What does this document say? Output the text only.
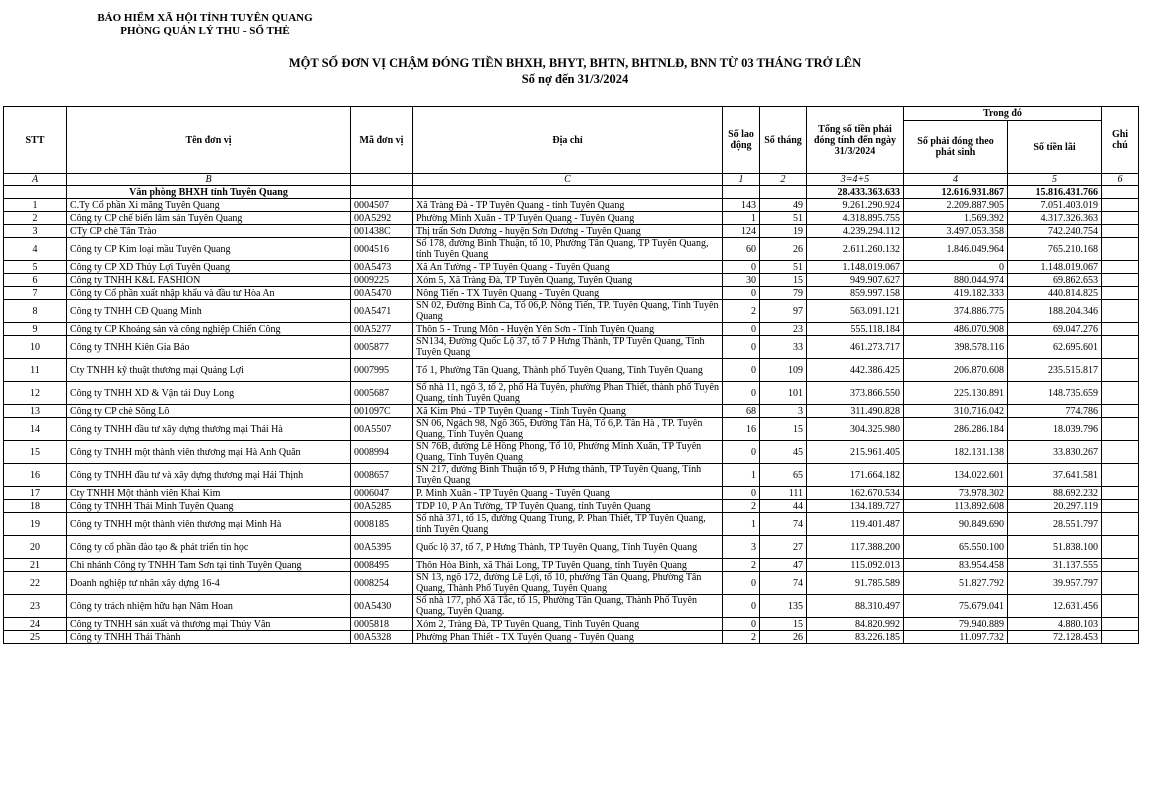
BẢO HIỂM XÃ HỘI TỈNH TUYÊN QUANG
PHÒNG QUẢN LÝ THU - SỔ THẺ
MỘT SỐ ĐƠN VỊ CHẬM ĐÓNG TIỀN BHXH, BHYT, BHTN, BHTNLĐ, BNN TỪ 03 THÁNG TRỞ LÊN
Số nợ đến 31/3/2024
STT	Tên đơn vị	Mã đơn vị	Địa chỉ	Số lao động	Số tháng	Tổng số tiền phải đóng tính đến ngày 31/3/2024	Trong đó		Ghi chú
							Số phải đóng theo phát sinh	Số tiền lãi	
A	B		C	1	2	3=4+5	4	5	6
	Văn phòng BHXH tỉnh Tuyên Quang					28.433.363.633	12.616.931.867	15.816.431.766	
1	C.Ty Cổ phần Xi măng Tuyên Quang	0004507	Xã Tràng Đà - TP Tuyên Quang - tỉnh Tuyên Quang	143	49	9.261.290.924	2.209.887.905	7.051.403.019	
2	Công ty CP chế biến lâm sản Tuyên Quang	00A5292	Phường Minh Xuân - TP Tuyên Quang - Tuyên Quang	1	51	4.318.895.755	1.569.392	4.317.326.363	
3	CTy CP chè Tân Trào	001438C	Thị trấn Sơn Dương - huyện Sơn Dương - Tuyên Quang	124	19	4.239.294.112	3.497.053.358	742.240.754	
4	Công ty CP Kim loại mầu Tuyên Quang	0004516	Số 178, đường Bình Thuận, tổ 10, Phường Tân Quang, TP Tuyên Quang, tỉnh Tuyên Quang	60	26	2.611.260.132	1.846.049.964	765.210.168	
5	Công ty CP XD Thủy Lợi Tuyên Quang	00A5473	Xã An Tường - TP Tuyên Quang - Tuyên Quang	0	51	1.148.019.067	0	1.148.019.067	
6	Công ty TNHH K&L FASHION	0009225	Xóm 5, Xã Tràng Đà, TP Tuyên Quang, Tuyên Quang	30	15	949.907.627	880.044.974	69.862.653	
7	Công ty Cổ phần xuất nhập khẩu và đầu tư Hòa An	00A5470	Nông Tiến - TX Tuyên Quang - Tuyên Quang	0	79	859.997.158	419.182.333	440.814.825	
8	Công ty TNHH CĐ Quang Minh	00A5471	SN 02, Đường Bình Ca, Tổ 06,P. Nông Tiến, TP. Tuyên Quang, Tỉnh Tuyên Quang	2	97	563.091.121	374.886.775	188.204.346	
9	Công ty CP Khoáng sản và công nghiệp Chiến Công	00A5277	Thôn 5 - Trung Môn - Huyện Yên Sơn - Tỉnh Tuyên Quang	0	23	555.118.184	486.070.908	69.047.276	
10	Công ty TNHH Kiên Gia Bảo	0005877	SN134, Đường Quốc Lộ 37, tổ 7 P Hưng Thành, TP Tuyên Quang, Tỉnh Tuyên Quang	0	33	461.273.717	398.578.116	62.695.601	
11	Cty TNHH kỹ thuật thương mại Quảng Lợi	0007995	Tổ 1, Phường Tân Quang, Thành phố Tuyên Quang, Tỉnh Tuyên Quang	0	109	442.386.425	206.870.608	235.515.817	
12	Công ty TNHH XD & Vận tải Duy Long	0005687	Số nhà 11, ngõ 3, tổ 2, phố Hà Tuyên, phường Phan Thiết, thành phố Tuyên Quang, tỉnh Tuyên Quang	0	101	373.866.550	225.130.891	148.735.659	
13	Công ty CP chè Sông Lô	001097C	Xã Kim Phú - TP Tuyên Quang - Tỉnh Tuyên Quang	68	3	311.490.828	310.716.042	774.786	
14	Công ty TNHH đầu tư xây dựng thương mại Thái Hà	00A5507	SN 06, Ngách 98, Ngõ 365, Đường Tân Hà, Tổ 6,P. Tân Hà , TP. Tuyên Quang, Tỉnh Tuyên Quang	16	15	304.325.980	286.286.184	18.039.796	
15	Công ty TNHH một thành viên thương mại Hà Anh Quân	0008994	SN 76B, đường Lê Hồng Phong, Tổ 10, Phường Minh Xuân, TP Tuyên Quang, Tỉnh Tuyên Quang	0	45	215.961.405	182.131.138	33.830.267	
16	Công ty TNHH đầu tư và xây dựng thương mại Hải Thịnh	0008657	SN 217, đường Bình Thuận tổ 9, P Hưng thành, TP Tuyên Quang, Tỉnh Tuyên Quang	1	65	171.664.182	134.022.601	37.641.581	
17	Cty TNHH Một thành viên Khai Kim	0006047	P. Minh Xuân - TP Tuyên Quang - Tuyên Quang	0	111	162.670.534	73.978.302	88.692.232	
18	Công ty TNHH Thái Minh Tuyên Quang	00A5285	TDP 10, P An Tường, TP Tuyên Quang, tỉnh Tuyên Quang	2	44	134.189.727	113.892.608	20.297.119	
19	Công ty TNHH một thành viên thương mại Minh Hà	0008185	Số nhà 371, tổ 15, đường Quang Trung, P. Phan Thiết, TP Tuyên Quang, tỉnh Tuyên Quang	1	74	119.401.487	90.849.690	28.551.797	
20	Công ty cổ phần đào tạo & phát triển tin học	00A5395	Quốc lộ 37, tổ 7, P Hưng Thành, TP Tuyên Quang, Tỉnh Tuyên Quang	3	27	117.388.200	65.550.100	51.838.100	
21	Chi nhánh Công ty TNHH Tam Sơn tại tỉnh Tuyên Quang	0008495	Thôn Hòa Bình, xã Thái Long, TP Tuyên Quang, tỉnh Tuyên Quang	2	47	115.092.013	83.954.458	31.137.555	
22	Doanh nghiệp tư nhân xây dựng 16-4	0008254	SN 13, ngõ 172, đường Lê Lợi, tổ 10, phường Tân Quang, Phường Tân Quang, Thành Phố Tuyên Quang, Tuyên Quang	0	74	91.785.589	51.827.792	39.957.797	
23	Công ty trách nhiệm hữu hạn Nâm Hoan	00A5430	Số nhà 177, phố Xã Tắc, tổ 15, Phường Tân Quang, Thành Phố Tuyên Quang, Tuyên Quang.	0	135	88.310.497	75.679.041	12.631.456	
24	Công ty TNHH sản xuất và thương mại Thủy Vân	0005818	Xóm 2, Tràng Đà, TP Tuyên Quang, Tỉnh Tuyên Quang	0	15	84.820.992	79.940.889	4.880.103	
25	Công ty TNHH Thái Thành	00A5328	Phường Phan Thiết - TX Tuyên Quang - Tuyên Quang	2	26	83.226.185	11.097.732	72.128.453	
